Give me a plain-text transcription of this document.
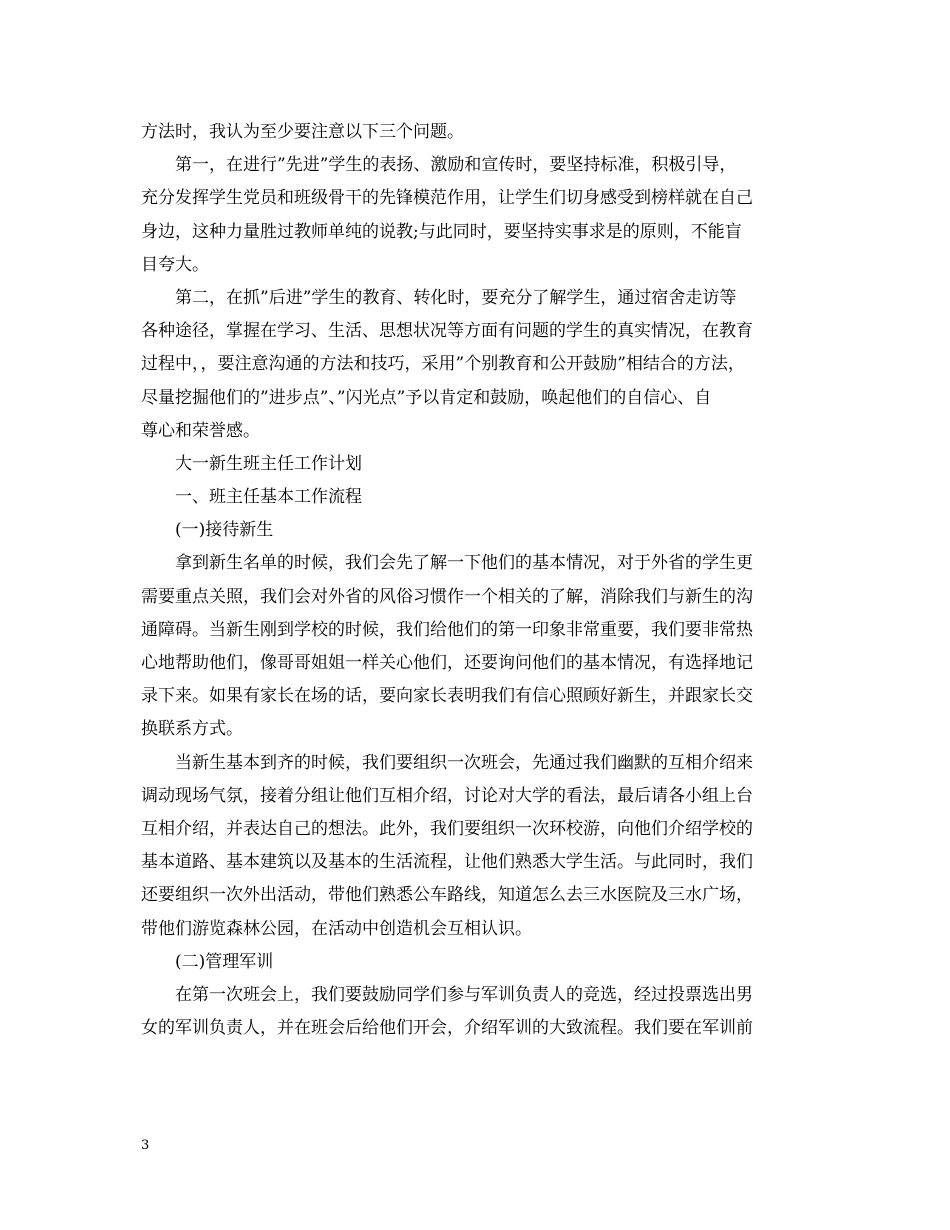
方法时，我认为至少要注意以下三个问题。
第一，在进行”先进”学生的表扬、激励和宣传时，要坚持标准，积极引导，
充分发挥学生党员和班级骨干的先锋模范作用，让学生们切身感受到榜样就在自己
身边，这种力量胜过教师单纯的说教;与此同时，要坚持实事求是的原则，不能盲
目夸大。
第二，在抓”后进”学生的教育、转化时，要充分了解学生，通过宿舍走访等
各种途径，掌握在学习、生活、思想状况等方面有问题的学生的真实情况，在教育
过程中，，要注意沟通的方法和技巧，采用”个别教育和公开鼓励”相结合的方法，
尽量挖掘他们的”进步点”、”闪光点”予以肯定和鼓励，唤起他们的自信心、自
尊心和荣誉感。
大一新生班主任工作计划
一、班主任基本工作流程
(一)接待新生
拿到新生名单的时候，我们会先了解一下他们的基本情况，对于外省的学生更
需要重点关照，我们会对外省的风俗习惯作一个相关的了解，消除我们与新生的沟
通障碍。当新生刚到学校的时候，我们给他们的第一印象非常重要，我们要非常热
心地帮助他们，像哥哥姐姐一样关心他们，还要询问他们的基本情况，有选择地记
录下来。如果有家长在场的话，要向家长表明我们有信心照顾好新生，并跟家长交
换联系方式。
当新生基本到齐的时候，我们要组织一次班会，先通过我们幽默的互相介绍来
调动现场气氛，接着分组让他们互相介绍，讨论对大学的看法，最后请各小组上台
互相介绍，并表达自己的想法。此外，我们要组织一次环校游，向他们介绍学校的
基本道路、基本建筑以及基本的生活流程，让他们熟悉大学生活。与此同时，我们
还要组织一次外出活动，带他们熟悉公车路线，知道怎么去三水医院及三水广场，
带他们游览森林公园，在活动中创造机会互相认识。
(二)管理军训
在第一次班会上，我们要鼓励同学们参与军训负责人的竞选，经过投票选出男
女的军训负责人，并在班会后给他们开会，介绍军训的大致流程。我们要在军训前
3
